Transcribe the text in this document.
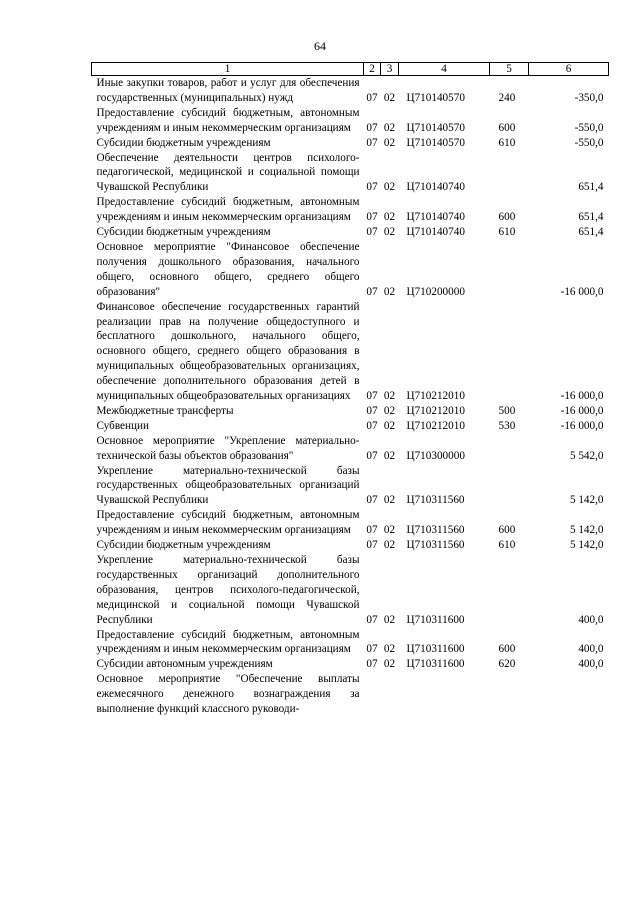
64
1	2	3	4	5	6
Иные закупки товаров, работ и услуг для обеспечения государственных (муниципальных) нужд	07	02	Ц710140570	240	-350,0
Предоставление субсидий бюджетным, автономным учреждениям и иным некоммерческим организациям	07	02	Ц710140570	600	-550,0
Субсидии бюджетным учреждениям	07	02	Ц710140570	610	-550,0
Обеспечение деятельности центров психолого-педагогической, медицинской и социальной помощи Чувашской Республики	07	02	Ц710140740		651,4
Предоставление субсидий бюджетным, автономным учреждениям и иным некоммерческим организациям	07	02	Ц710140740	600	651,4
Субсидии бюджетным учреждениям	07	02	Ц710140740	610	651,4
Основное мероприятие "Финансовое обеспечение получения дошкольного образования, начального общего, основного общего, среднего общего образования"	07	02	Ц710200000		-16 000,0
Финансовое обеспечение государственных гарантий реализации прав на получение общедоступного и бесплатного дошкольного, начального общего, основного общего, среднего общего образования в муниципальных общеобразовательных организациях, обеспечение дополнительного образования детей в муниципальных общеобразовательных организациях	07	02	Ц710212010		-16 000,0
Межбюджетные трансферты	07	02	Ц710212010	500	-16 000,0
Субвенции	07	02	Ц710212010	530	-16 000,0
Основное мероприятие "Укрепление материально-технической базы объектов образования"	07	02	Ц710300000		5 542,0
Укрепление материально-технической базы государственных общеобразовательных организаций Чувашской Республики	07	02	Ц710311560		5 142,0
Предоставление субсидий бюджетным, автономным учреждениям и иным некоммерческим организациям	07	02	Ц710311560	600	5 142,0
Субсидии бюджетным учреждениям	07	02	Ц710311560	610	5 142,0
Укрепление материально-технической базы государственных организаций дополнительного образования, центров психолого-педагогической, медицинской и социальной помощи Чувашской Республики	07	02	Ц710311600		400,0
Предоставление субсидий бюджетным, автономным учреждениям и иным некоммерческим организациям	07	02	Ц710311600	600	400,0
Субсидии автономным учреждениям	07	02	Ц710311600	620	400,0
Основное мероприятие "Обеспечение выплаты ежемесячного денежного вознаграждения за выполнение функций классного руководи-					
